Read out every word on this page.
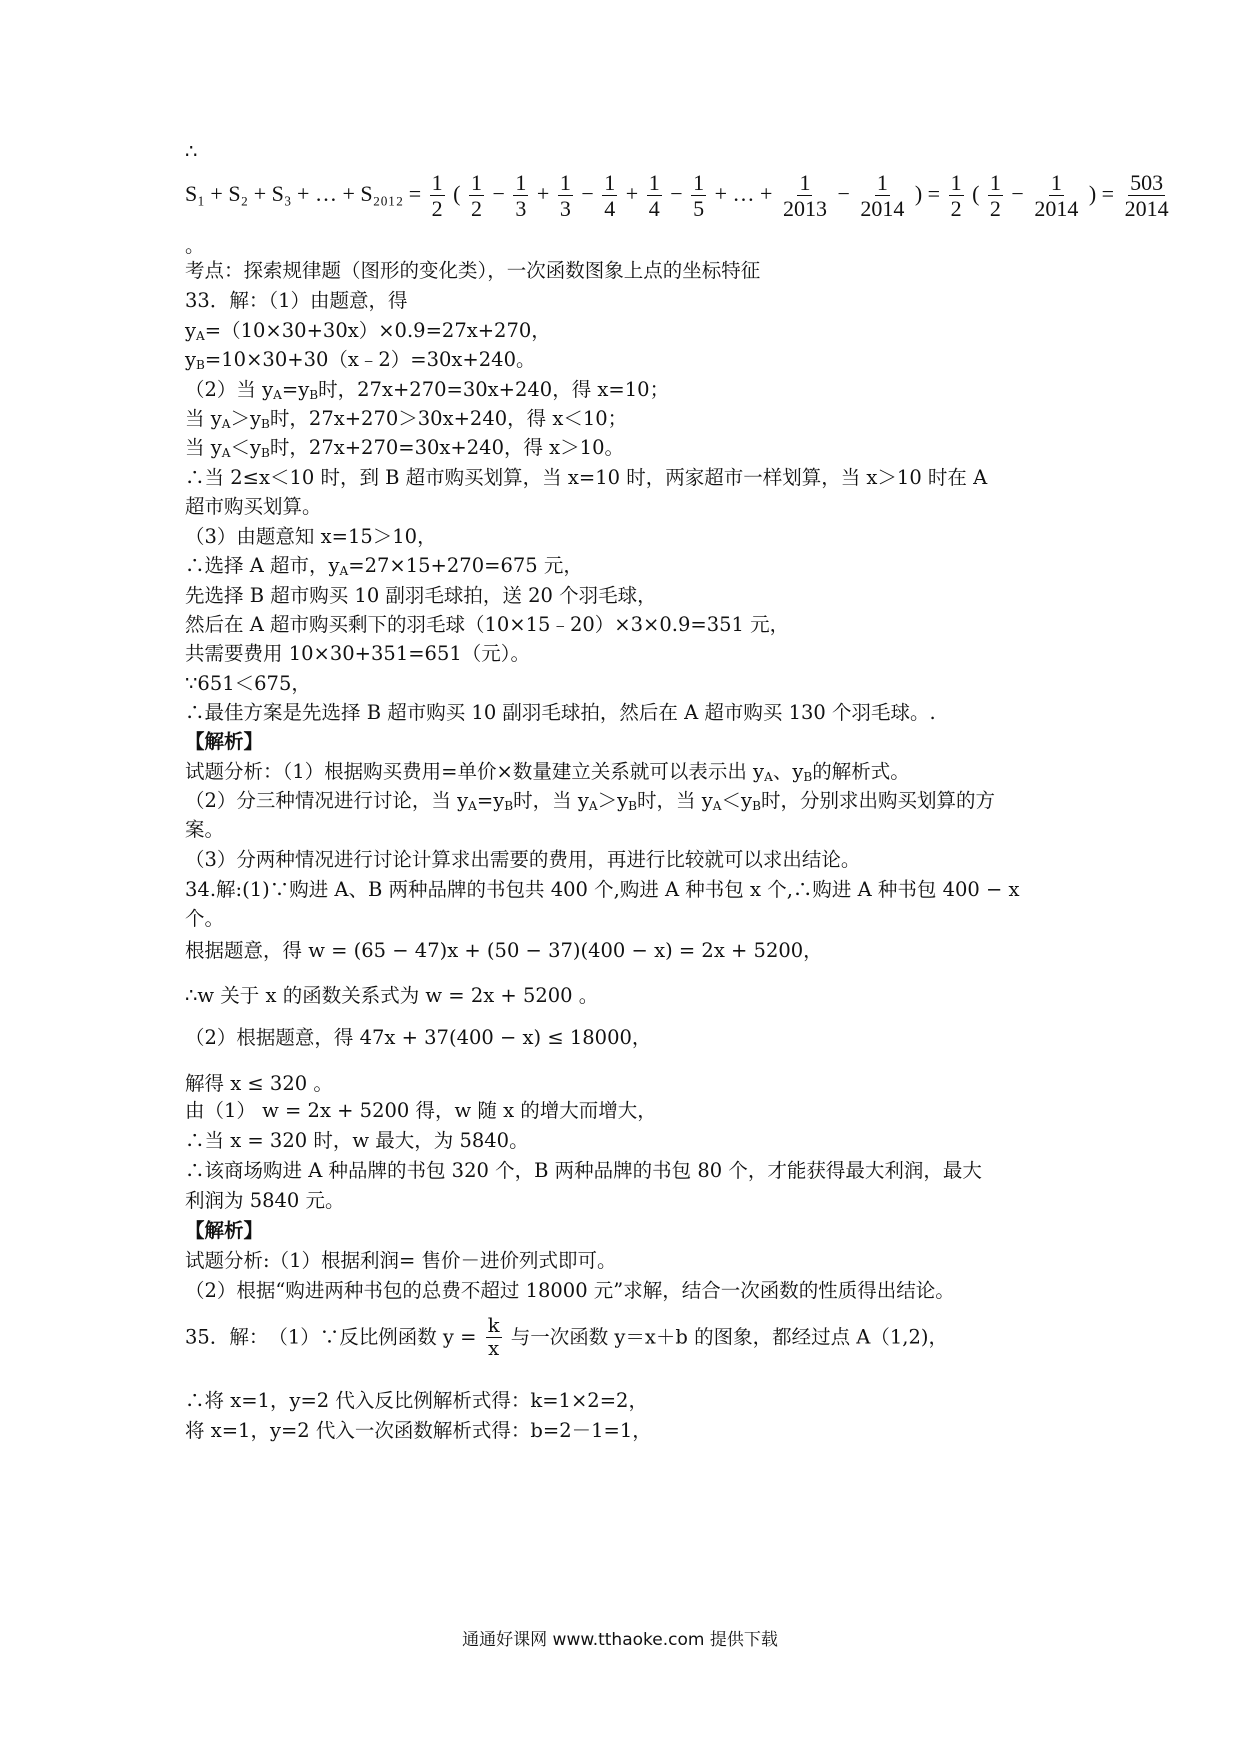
∴
S₁ + S₂ + S₃ + … + $S_{2012} = \frac{1}{2}$ ( $\frac{1}{2} - \frac{1}{3} + \frac{1}{3} - \frac{1}{4} + \frac{1}{4} - \frac{1}{5}$ + … + $\frac{1}{2013} - \frac{1}{2014}$ ) = $\frac{1}{2}$ ( $\frac{1}{2} - \frac{1}{2014}$ ) = $\frac{503}{2014}$
。
考点：探索规律题（图形的变化类），一次函数图象上点的坐标特征
33．解：（1）由题意，得
$y_A=(10\times 30+30x)\times 0.9=27x+270$，
$y_B=10\times 30+30(x﹣2)=30x+240$。
（2）当 $y_A=y_B$时，27x+270=30x+240，得 x=10；
当 $y_A>y_B$时，27x+270＞30x+240，得 x＜10；
当 $y_A<y_B$时，27x+270=30x+240，得 x＞10。
∴当 2≤x＜10 时，到 B 超市购买划算，当 x=10 时，两家超市一样划算，当 x＞10 时在 A
超市购买划算。
（3）由题意知 x=15＞10，
∴选择 A 超市，$y_A=27\times 15+270=675$ 元，
先选择 B 超市购买 10 副羽毛球拍，送 20 个羽毛球，
然后在 A 超市购买剩下的羽毛球（10×15﹣20）×3×0.9=351 元，
共需要费用 10×30+351=651（元）。
∵651＜675，
∴最佳方案是先选择 B 超市购买 10 副羽毛球拍，然后在 A 超市购买 130 个羽毛球。.
【解析】
试题分析：（1）根据购买费用=单价×数量建立关系就可以表示出 $y_A$、$y_B$的解析式。
（2）分三种情况进行讨论，当 $y_A=y_B$时，当 $y_A>y_B$时，当 $y_A<y_B$时，分别求出购买划算的方
案。
（3）分两种情况进行讨论计算求出需要的费用，再进行比较就可以求出结论。
34.解:(1)∵购进 A、B 两种品牌的书包共 400 个,购进 A 种书包 x 个,∴购进 A 种书包 400 − x
个。
根据题意，得 w = (65 − 47)x + (50 − 37)(400 − x) = 2x + 5200，
∴w 关于 x 的函数关系式为 w = 2x + 5200 。
（2）根据题意，得 47x + 37(400 − x) ≤ 18000，
解得 x ≤ 320 。
由（1） w = 2x + 5200 得，w 随 x 的增大而增大，
∴当 x = 320 时，w 最大，为 5840。
∴该商场购进 A 种品牌的书包 320 个，B 两种品牌的书包 80 个，才能获得最大利润，最大
利润为 5840 元。
【解析】
试题分析:（1）根据利润= 售价－进价列式即可。
（2）根据“购进两种书包的总费不超过 18000 元”求解，结合一次函数的性质得出结论。
35．解：　（1）∵反比例函数 $y = \frac{k}{x}$ 与一次函数 y＝x＋b 的图象，都经过点 A（1,2)，
∴将 x=1，y=2 代入反比例解析式得：k=1×2=2，
将 x=1，y=2 代入一次函数解析式得：b=2－1=1，
通通好课网 www.tthaoke.com 提供下载
